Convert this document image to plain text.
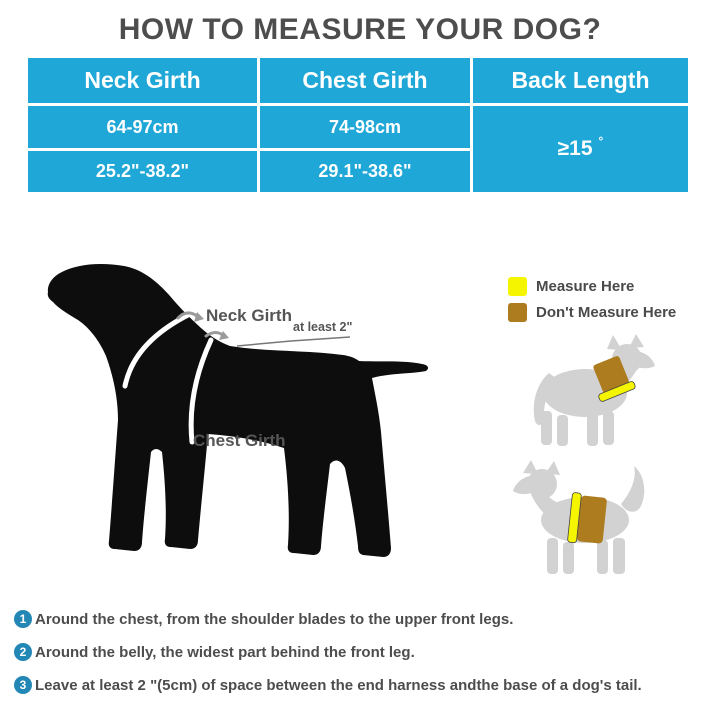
HOW TO MEASURE YOUR DOG?
Neck Girth	Chest Girth	Back Length
64-97cm	74-98cm
≥15 °
25.2"-38.2"	29.1"-38.6"
Measure Here
Don't Measure Here
Neck Girth
at least 2"
Chest Girth
1 Around the chest, from the shoulder blades to the upper front legs.
2 Around the belly, the widest part behind the front leg.
3 Leave at least 2 "(5cm) of space between the end harness andthe base of a dog's tail.
